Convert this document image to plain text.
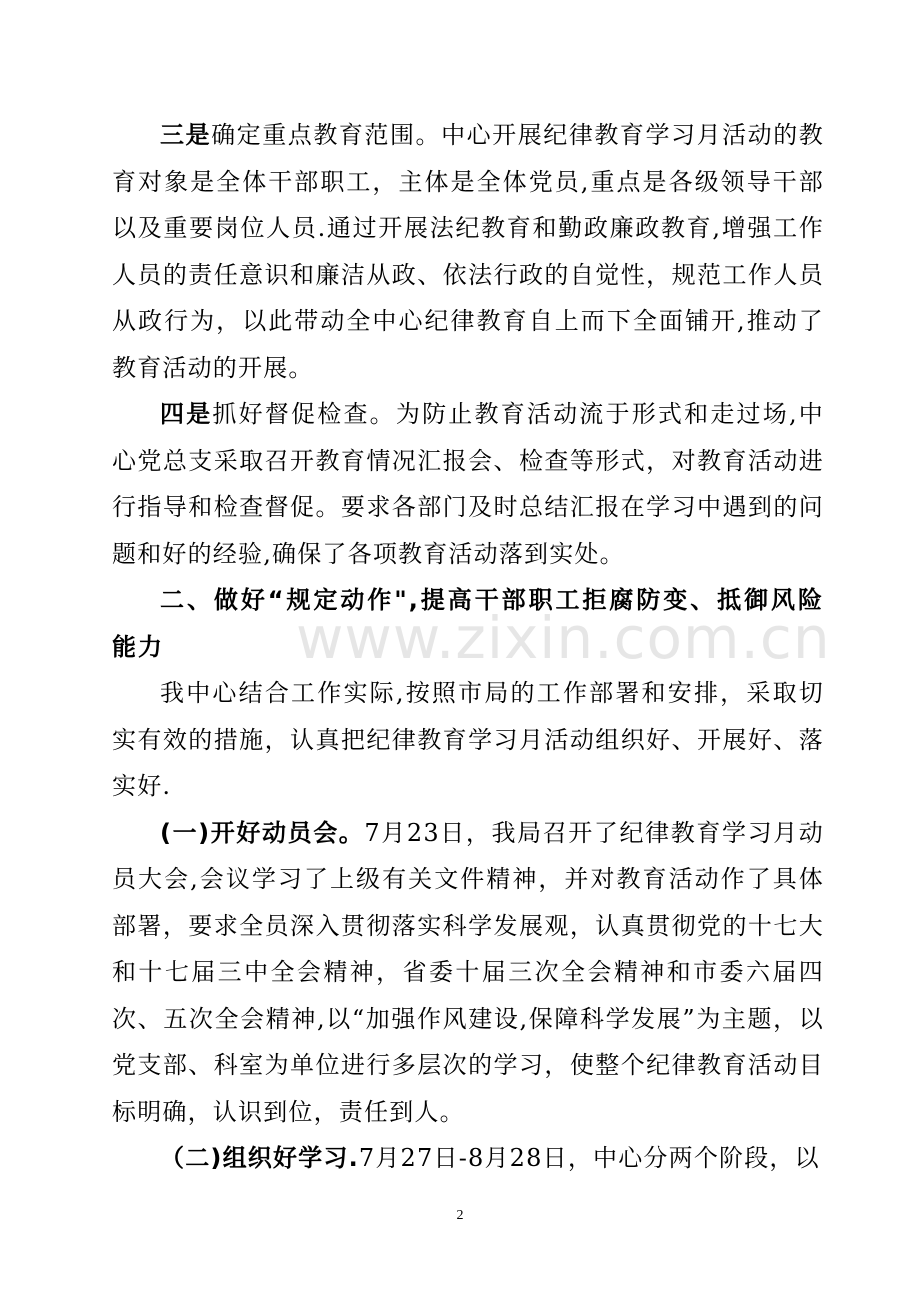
www.zixin.com.cn

三是确定重点教育范围。中心开展纪律教育学习月活动的教育对象是全体干部职工，主体是全体党员,重点是各级领导干部以及重要岗位人员.通过开展法纪教育和勤政廉政教育,增强工作人员的责任意识和廉洁从政、依法行政的自觉性，规范工作人员从政行为，以此带动全中心纪律教育自上而下全面铺开,推动了教育活动的开展。

四是抓好督促检查。为防止教育活动流于形式和走过场,中心党总支采取召开教育情况汇报会、检查等形式，对教育活动进行指导和检查督促。要求各部门及时总结汇报在学习中遇到的问题和好的经验,确保了各项教育活动落到实处。

二、做好“规定动作",提高干部职工拒腐防变、抵御风险能力

我中心结合工作实际,按照市局的工作部署和安排，采取切实有效的措施，认真把纪律教育学习月活动组织好、开展好、落实好.

(一)开好动员会。7月23日，我局召开了纪律教育学习月动员大会,会议学习了上级有关文件精神，并对教育活动作了具体部署，要求全员深入贯彻落实科学发展观，认真贯彻党的十七大和十七届三中全会精神，省委十届三次全会精神和市委六届四次、五次全会精神,以“加强作风建设,保障科学发展”为主题，以党支部、科室为单位进行多层次的学习，使整个纪律教育活动目标明确，认识到位，责任到人。

（二)组织好学习.7月27日-8月28日，中心分两个阶段，以

2
